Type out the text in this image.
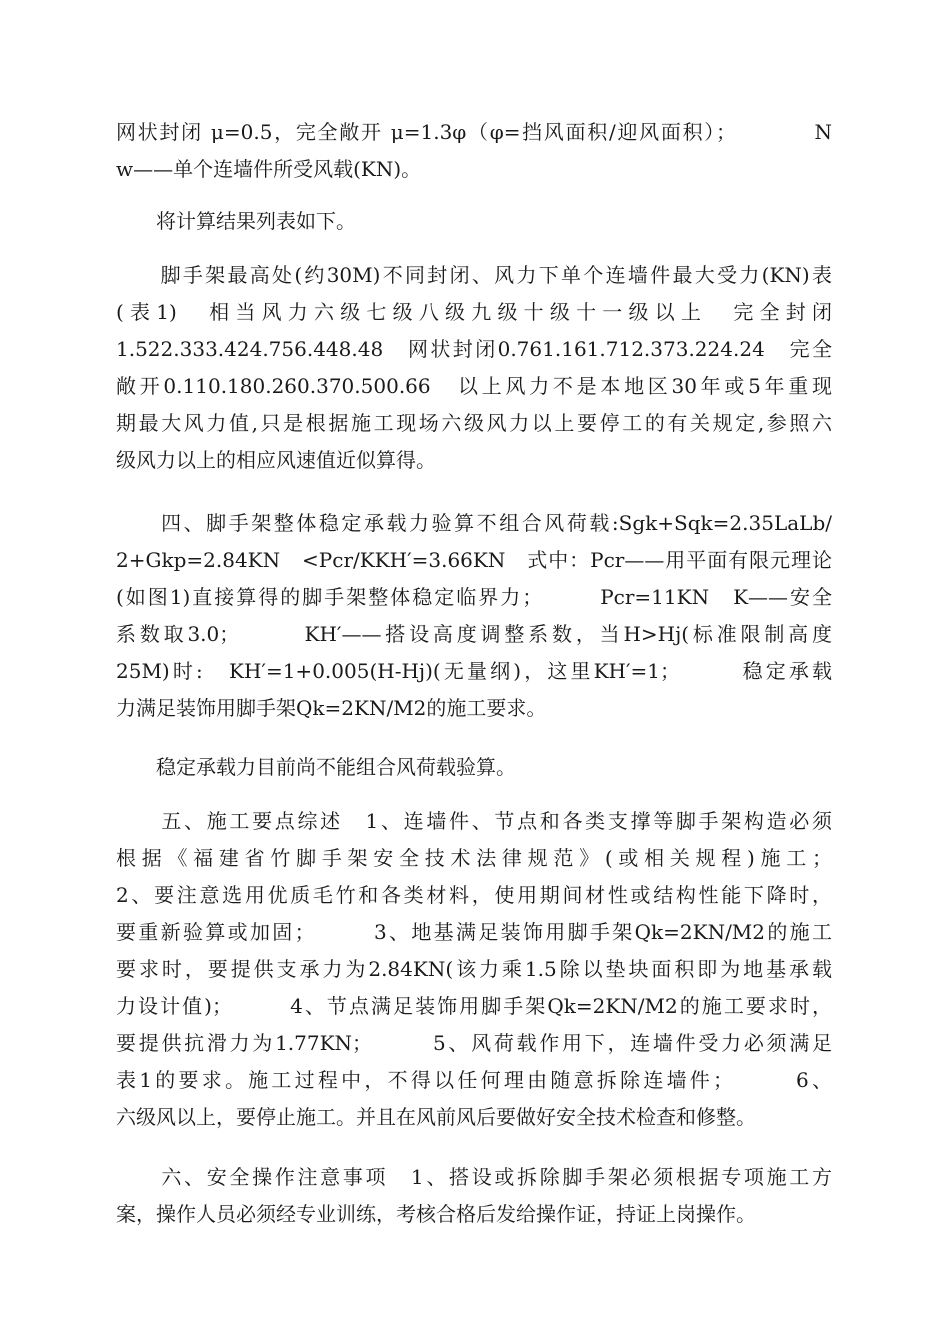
网状封闭 μ=0.5，完全敞开 μ=1.3φ（φ=挡风面积/迎风面积）；　　　　N
w——单个连墙件所受风载(KN)。
　　将计算结果列表如下。
　　脚手架最高处(约30M)不同封闭、风力下单个连墙件最大受力(KN)表
(表1)　相当风力六级七级八级九级十级十一级以上　完全封闭
1.522.333.424.756.448.48　网状封闭0.761.161.712.373.224.24　完全
敞开0.110.180.260.370.500.66　以上风力不是本地区30年或5年重现
期最大风力值,只是根据施工现场六级风力以上要停工的有关规定,参照六
级风力以上的相应风速值近似算得。
　　四、脚手架整体稳定承载力验算不组合风荷载:Sgk+Sqk=2.35LaLb/
2+Gkp=2.84KN　<Pcr/KKH′=3.66KN　式中：Pcr——用平面有限元理论
(如图1)直接算得的脚手架整体稳定临界力；　　　Pcr=11KN　K——安全
系数取3.0；　　　KH′——搭设高度调整系数，当H>Hj(标准限制高度
25M)时:　KH′=1+0.005(H-Hj)(无量纲)，这里KH′=1；　　　稳定承载
力满足装饰用脚手架Qk=2KN/M2的施工要求。
　　稳定承载力目前尚不能组合风荷载验算。
　　五、施工要点综述　1、连墙件、节点和各类支撑等脚手架构造必须
根据《福建省竹脚手架安全技术法律规范》(或相关规程)施工；
2、要注意选用优质毛竹和各类材料，使用期间材性或结构性能下降时，
要重新验算或加固；　　　3、地基满足装饰用脚手架Qk=2KN/M2的施工
要求时，要提供支承力为2.84KN(该力乘1.5除以垫块面积即为地基承载
力设计值)；　　　4、节点满足装饰用脚手架Qk=2KN/M2的施工要求时，
要提供抗滑力为1.77KN；　　　5、风荷载作用下，连墙件受力必须满足
表1的要求。施工过程中，不得以任何理由随意拆除连墙件；　　　6、
六级风以上，要停止施工。并且在风前风后要做好安全技术检查和修整。
　　六、安全操作注意事项　1、搭设或拆除脚手架必须根据专项施工方
案，操作人员必须经专业训练，考核合格后发给操作证，持证上岗操作。
